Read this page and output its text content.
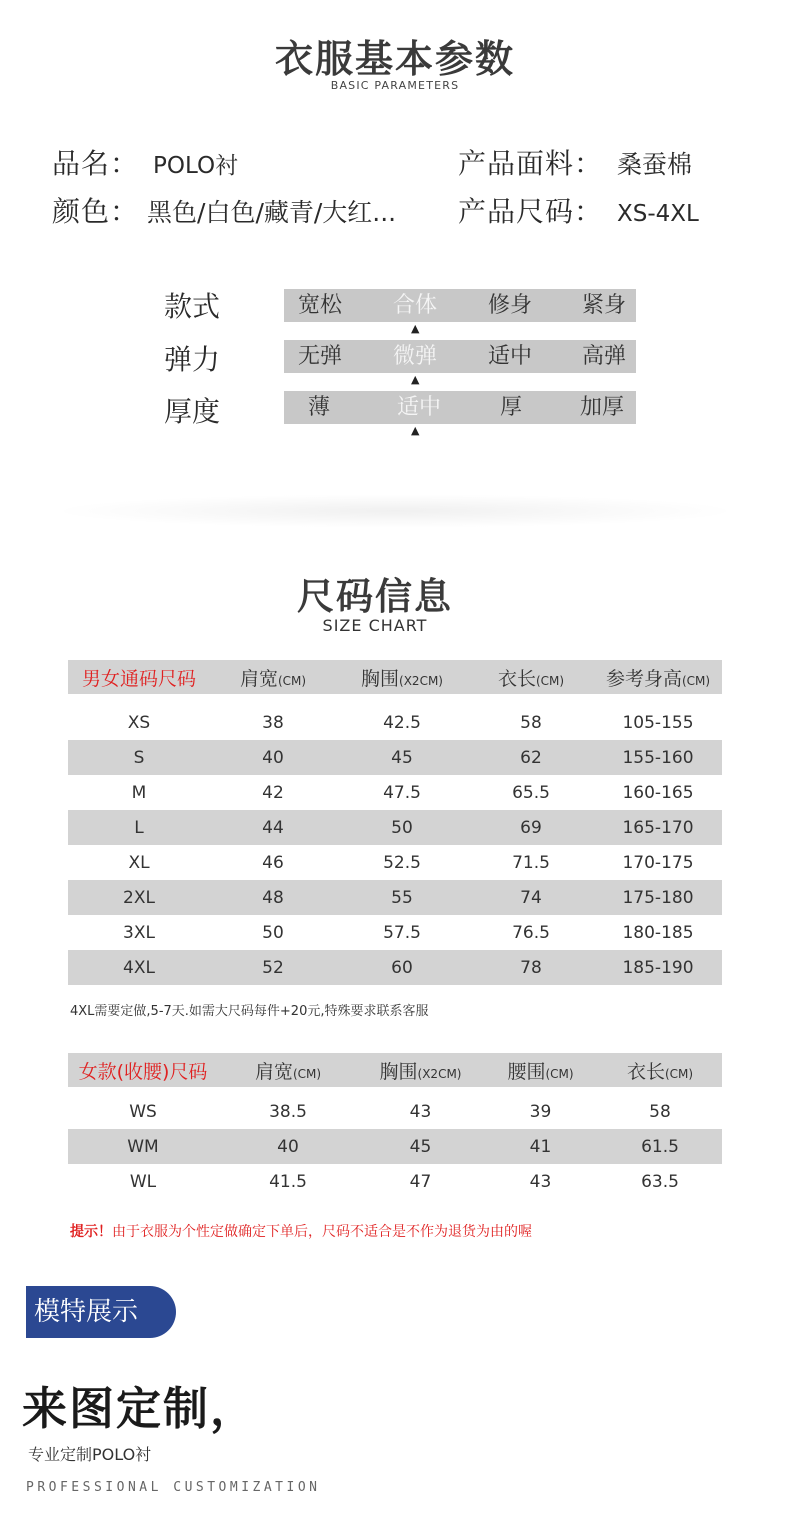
衣服基本参数
BASIC PARAMETERS
品名： POLO衬	产品面料： 桑蚕棉
颜色： 黑色/白色/藏青/大红... 产品尺码： XS-4XL
款式	宽松	合体	修身	紧身
▲
弹力	无弹	微弹	适中	高弹
▲
厚度	薄	适中	厚	加厚
▲
尺码信息
SIZE CHART
男女通码尺码	肩宽(CM)	胸围(X2CM)	衣长(CM)	参考身高(CM)

XS	38	42.5	58	105-155
S	40	45	62	155-160
M	42	47.5	65.5	160-165
L	44	50	69	165-170
XL	46	52.5	71.5	170-175
2XL	48	55	74	175-180
3XL	50	57.5	76.5	180-185
4XL	52	60	78	185-190
4XL需要定做,5-7天.如需大尺码每件+20元,特殊要求联系客服
女款(收腰)尺码	肩宽(CM)	胸围(X2CM)	腰围(CM)	衣长(CM)

WS	38.5	43	39	58
WM	40	45	41	61.5
WL	41.5	47	43	63.5
提示！由于衣服为个性定做确定下单后，尺码不适合是不作为退货为由的喔
模特展示
来图定制，
专业定制POLO衬
PROFESSIONAL CUSTOMIZATION
